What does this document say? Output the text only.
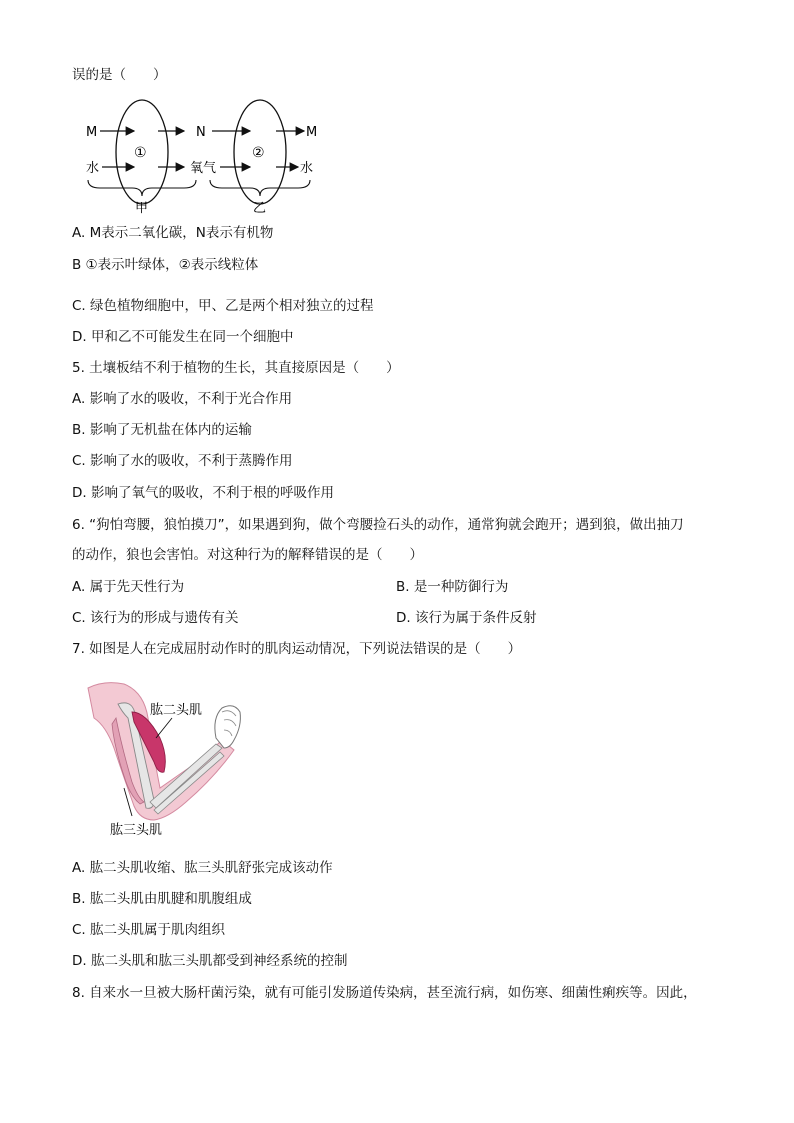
误的是（　　）
M
水
①
甲
N
氧气
②
M
水
乙
A. M表示二氧化碳，N表示有机物
B ①表示叶绿体，②表示线粒体
C. 绿色植物细胞中，甲、乙是两个相对独立的过程
D. 甲和乙不可能发生在同一个细胞中
5. 土壤板结不利于植物的生长，其直接原因是（　　）
A. 影响了水的吸收，不利于光合作用
B. 影响了无机盐在体内的运输
C. 影响了水的吸收，不利于蒸腾作用
D. 影响了氧气的吸收，不利于根的呼吸作用
6. “狗怕弯腰，狼怕摸刀”，如果遇到狗，做个弯腰捡石头的动作，通常狗就会跑开；遇到狼，做出抽刀
的动作，狼也会害怕。对这种行为的解释错误的是（　　）
A. 属于先天性行为	B. 是一种防御行为
C. 该行为的形成与遗传有关	D. 该行为属于条件反射
7. 如图是人在完成屈肘动作时的肌肉运动情况，下列说法错误的是（　　）
肱二头肌
肱三头肌
A. 肱二头肌收缩、肱三头肌舒张完成该动作
B. 肱二头肌由肌腱和肌腹组成
C. 肱二头肌属于肌肉组织
D. 肱二头肌和肱三头肌都受到神经系统的控制
8. 自来水一旦被大肠杆菌污染，就有可能引发肠道传染病，甚至流行病，如伤寒、细菌性痢疾等。因此，
